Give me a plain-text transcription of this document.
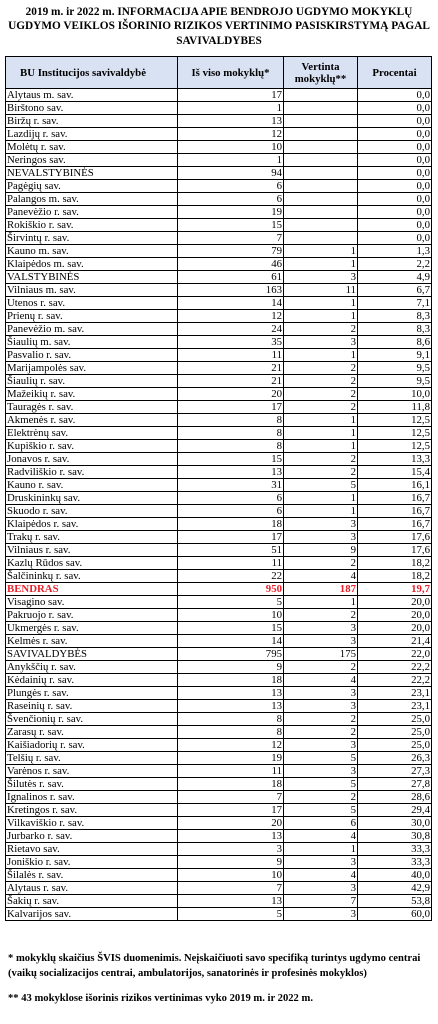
2019 m. ir 2022 m. INFORMACIJA APIE BENDROJO UGDYMO MOKYKLŲ UGDYMO VEIKLOS IŠORINIO RIZIKOS VERTINIMO PASISKIRSTYMĄ PAGAL SAVIVALDYBES
BU Institucijos savivaldybė	Iš viso mokyklų*	Vertinta mokyklų**	Procentai
Alytaus m. sav.	17		0,0
Birštono sav.	1		0,0
Biržų r. sav.	13		0,0
Lazdijų r. sav.	12		0,0
Molėtų r. sav.	10		0,0
Neringos sav.	1		0,0
NEVALSTYBINĖS	94		0,0
Pagėgių sav.	6		0,0
Palangos m. sav.	6		0,0
Panevėžio r. sav.	19		0,0
Rokiškio r. sav.	15		0,0
Širvintų r. sav.	7		0,0
Kauno m. sav.	79	1	1,3
Klaipėdos m. sav.	46	1	2,2
VALSTYBINĖS	61	3	4,9
Vilniaus m. sav.	163	11	6,7
Utenos r. sav.	14	1	7,1
Prienų r. sav.	12	1	8,3
Panevėžio m. sav.	24	2	8,3
Šiaulių m. sav.	35	3	8,6
Pasvalio r. sav.	11	1	9,1
Marijampolės sav.	21	2	9,5
Šiaulių r. sav.	21	2	9,5
Mažeikių r. sav.	20	2	10,0
Tauragės r. sav.	17	2	11,8
Akmenės r. sav.	8	1	12,5
Elektrėnų sav.	8	1	12,5
Kupiškio r. sav.	8	1	12,5
Jonavos r. sav.	15	2	13,3
Radviliškio r. sav.	13	2	15,4
Kauno r. sav.	31	5	16,1
Druskininkų sav.	6	1	16,7
Skuodo r. sav.	6	1	16,7
Klaipėdos r. sav.	18	3	16,7
Trakų r. sav.	17	3	17,6
Vilniaus r. sav.	51	9	17,6
Kazlų Rūdos sav.	11	2	18,2
Šalčininkų r. sav.	22	4	18,2
BENDRAS	950	187	19,7
Visagino sav.	5	1	20,0
Pakruojo r. sav.	10	2	20,0
Ukmergės r. sav.	15	3	20,0
Kelmės r. sav.	14	3	21,4
SAVIVALDYBĖS	795	175	22,0
Anykščių r. sav.	9	2	22,2
Kėdainių r. sav.	18	4	22,2
Plungės r. sav.	13	3	23,1
Raseinių r. sav.	13	3	23,1
Švenčionių r. sav.	8	2	25,0
Zarasų r. sav.	8	2	25,0
Kaišiadorių r. sav.	12	3	25,0
Telšių r. sav.	19	5	26,3
Varėnos r. sav.	11	3	27,3
Šilutės r. sav.	18	5	27,8
Ignalinos r. sav.	7	2	28,6
Kretingos r. sav.	17	5	29,4
Vilkaviškio r. sav.	20	6	30,0
Jurbarko r. sav.	13	4	30,8
Rietavo sav.	3	1	33,3
Joniškio r. sav.	9	3	33,3
Šilalės r. sav.	10	4	40,0
Alytaus r. sav.	7	3	42,9
Šakių r. sav.	13	7	53,8
Kalvarijos sav.	5	3	60,0

* mokyklų skaičius ŠVIS duomenimis. Neįskaičiuoti savo specifiką turintys ugdymo centrai (vaikų socializacijos centrai, ambulatorijos, sanatorinės ir profesinės mokyklos)

** 43 mokyklose išorinis rizikos vertinimas vyko 2019 m. ir 2022 m.
